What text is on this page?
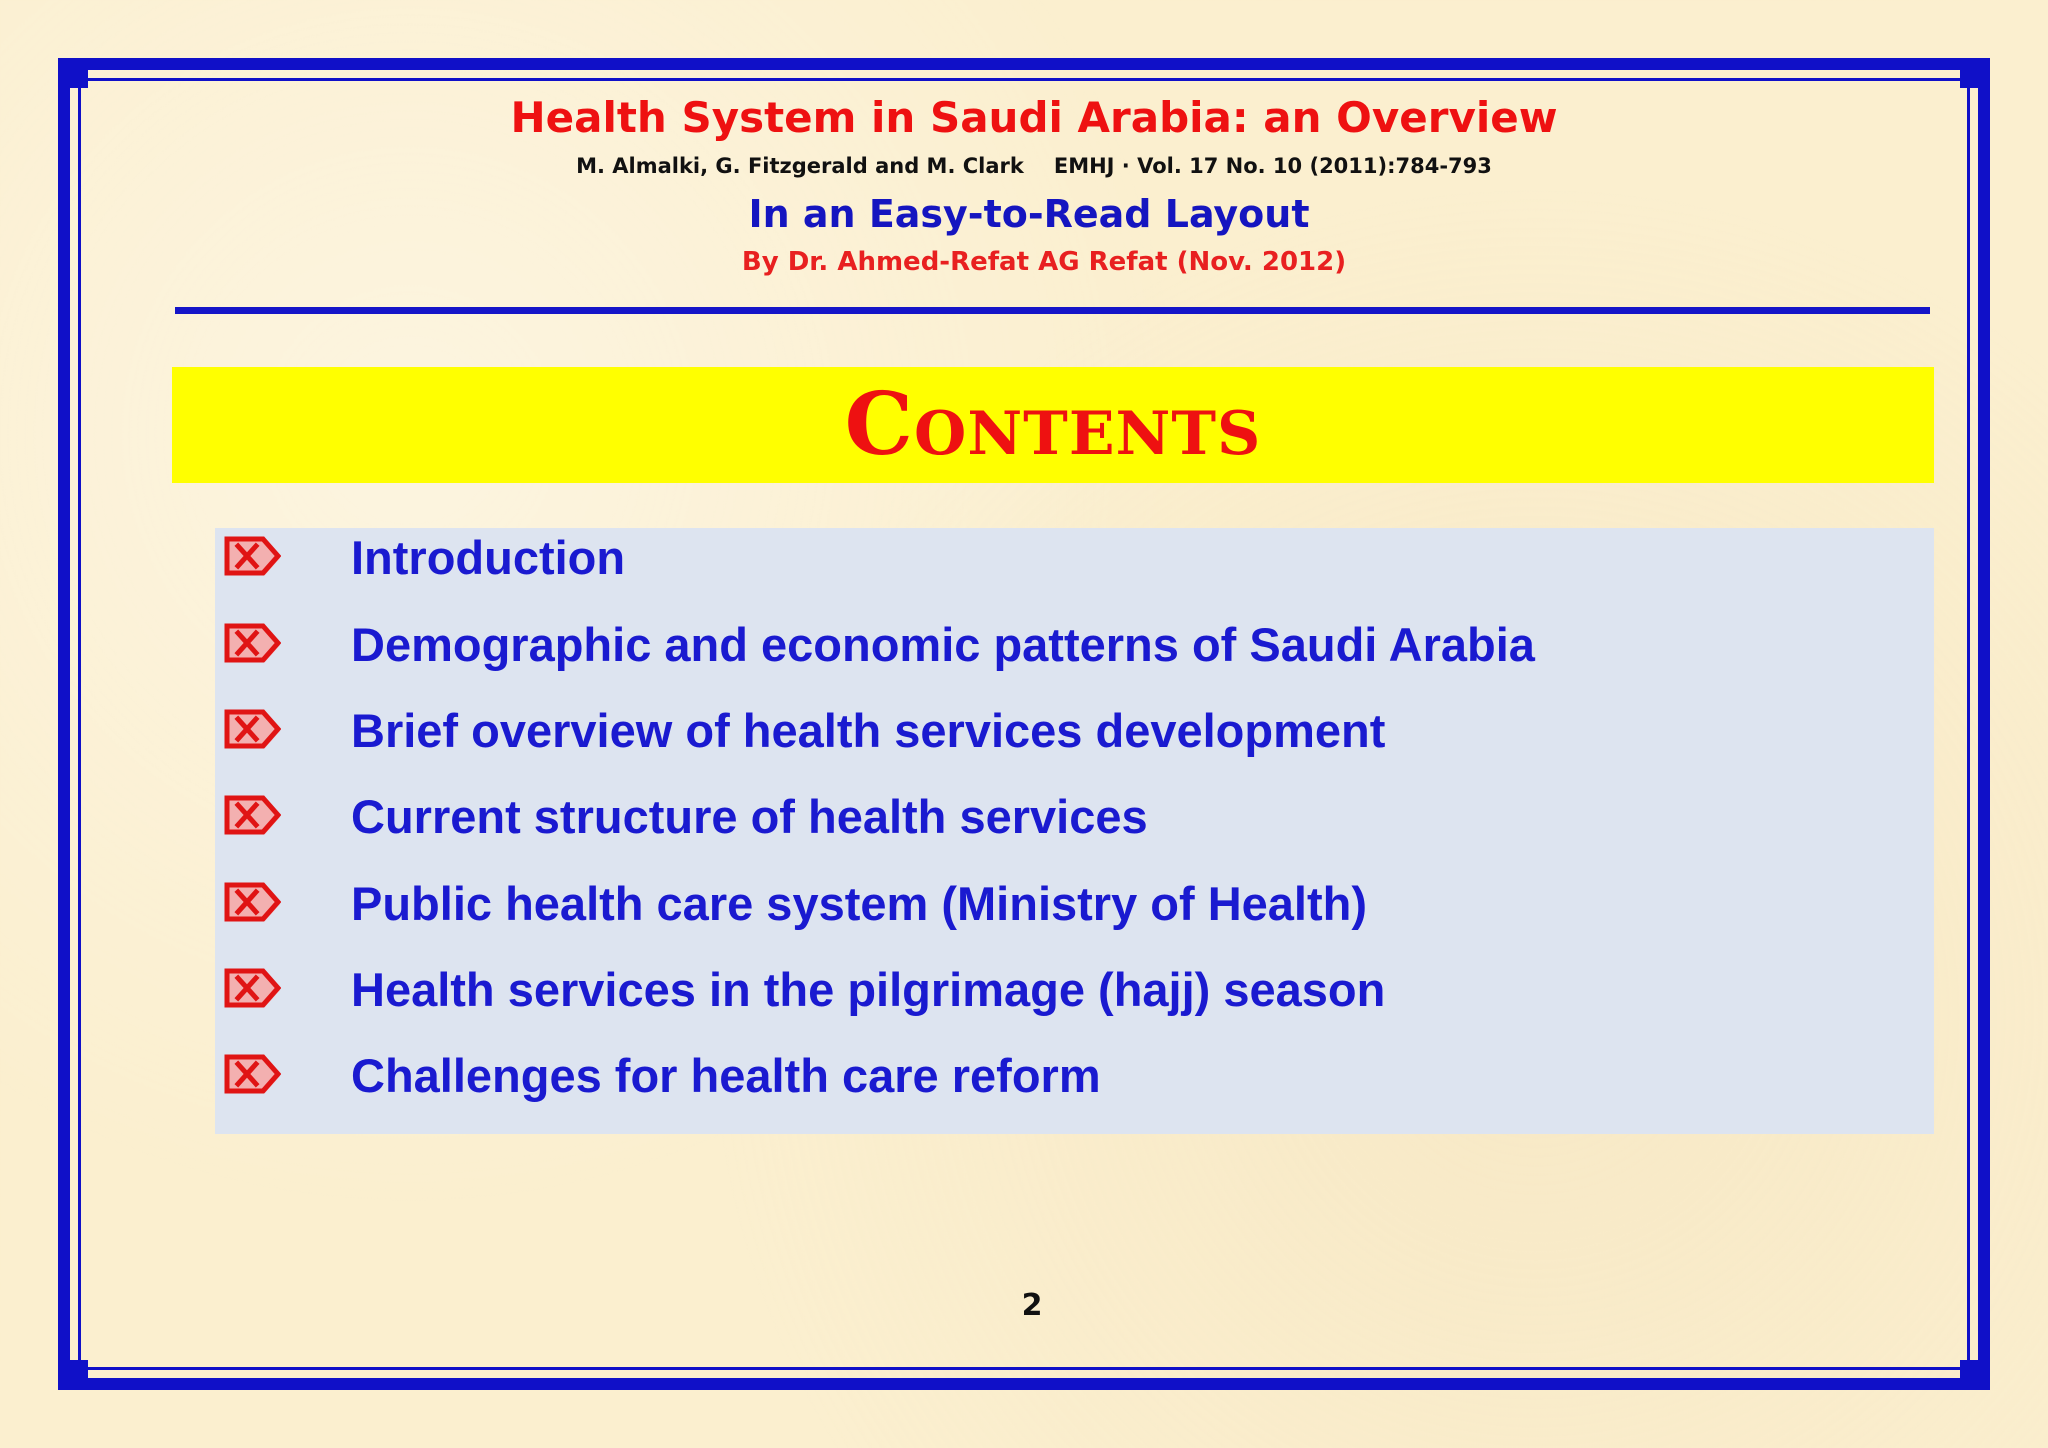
Health System in Saudi Arabia: an Overview
M. Almalki, G. Fitzgerald and M. Clark EMHJ · Vol. 17 No. 10 (2011):784-793
In an Easy-to-Read Layout
By Dr. Ahmed-Refat AG Refat (Nov. 2012)
Contents
Introduction
Demographic and economic patterns of Saudi Arabia
Brief overview of health services development
Current structure of health services
Public health care system (Ministry of Health)
Health services in the pilgrimage (hajj) season
Challenges for health care reform
2
